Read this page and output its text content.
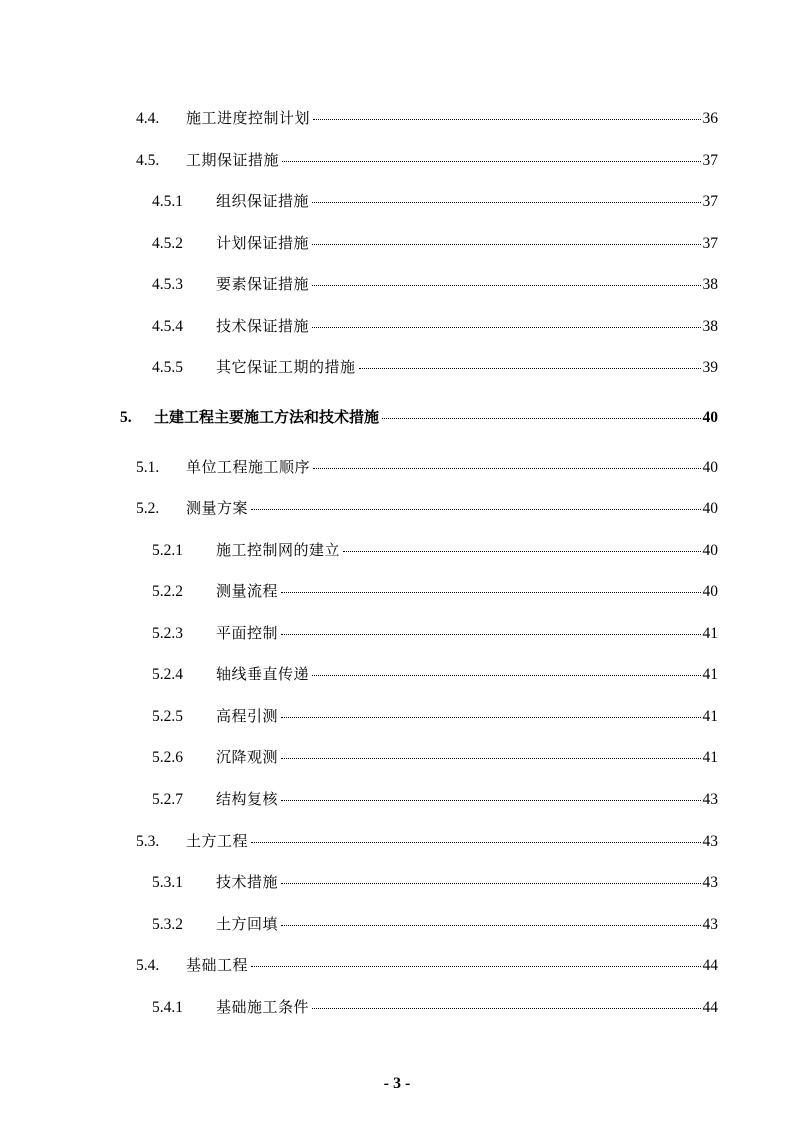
4.4.	施工进度控制计划	36
4.5.	工期保证措施	37
4.5.1	组织保证措施	37
4.5.2	计划保证措施	37
4.5.3	要素保证措施	38
4.5.4	技术保证措施	38
4.5.5	其它保证工期的措施	39
5.	土建工程主要施工方法和技术措施	40
5.1.	单位工程施工顺序	40
5.2.	测量方案	40
5.2.1	施工控制网的建立	40
5.2.2	测量流程	40
5.2.3	平面控制	41
5.2.4	轴线垂直传递	41
5.2.5	高程引测	41
5.2.6	沉降观测	41
5.2.7	结构复核	43
5.3.	土方工程	43
5.3.1	技术措施	43
5.3.2	土方回填	43
5.4.	基础工程	44
5.4.1	基础施工条件	44
- 3 -
